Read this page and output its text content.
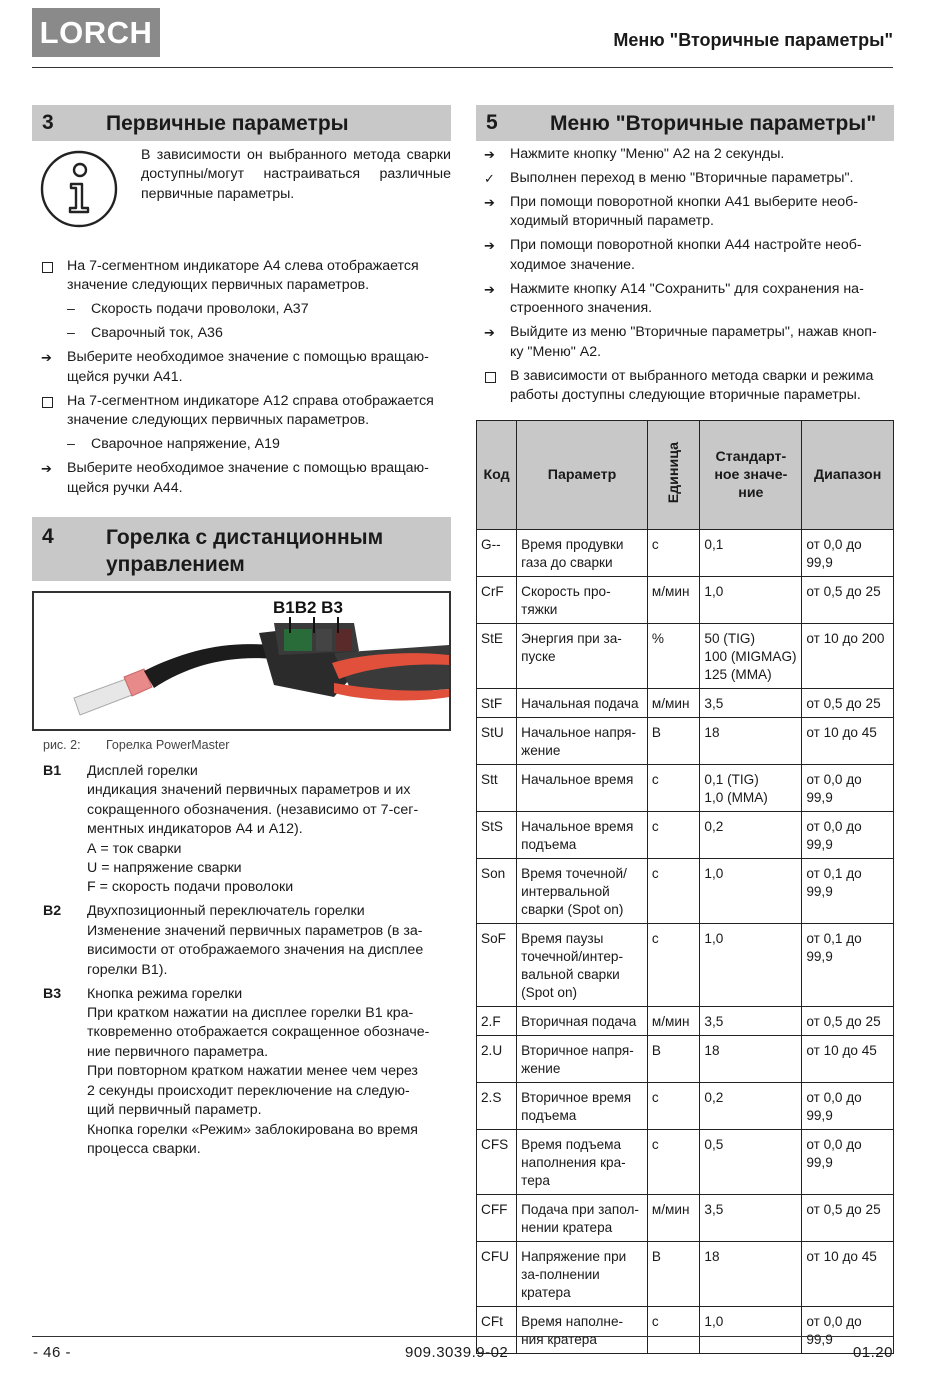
LORCH	Меню "Вторичные параметры"
3 Первичные параметры
В зависимости он выбранного метода сварки доступны/могут настраиваться различные первичные параметры.
На 7-сегментном индикаторе А4 слева отображается
значение следующих первичных параметров.
– Скорость подачи проволоки, А37
– Сварочный ток, А36
➔ Выберите необходимое значение с помощью вращаю-
щейся ручки А41.
На 7-сегментном индикаторе А12 справа отображается
значение следующих первичных параметров.
– Сварочное напряжение, А19
➔ Выберите необходимое значение с помощью вращаю-
щейся ручки А44.
4 Горелка с дистанционным
управлением
B1B2 B3
рис. 2: Горелка PowerMaster
B1 Дисплей горелки
индикация значений первичных параметров и их
сокращенного обозначения. (независимо от 7-сег-
ментных индикаторов А4 и А12).
А = ток сварки
U = напряжение сварки
F = скорость подачи проволоки
B2 Двухпозиционный переключатель горелки
Изменение значений первичных параметров (в за-
висимости от отображаемого значения на дисплее
горелки В1).
B3 Кнопка режима горелки
При кратком нажатии на дисплее горелки B1 кра-
тковременно отображается сокращенное обозначе-
ние первичного параметра.
При повторном кратком нажатии менее чем через
2 секунды происходит переключение на следую-
щий первичный параметр.
Кнопка горелки «Режим» заблокирована во время
процесса сварки.
5 Меню "Вторичные параметры"
➔ Нажмите кнопку "Меню" А2 на 2 секунды.
✓ Выполнен переход в меню "Вторичные параметры".
➔ При помощи поворотной кнопки А41 выберите необ-
ходимый вторичный параметр.
➔ При помощи поворотной кнопки А44 настройте необ-
ходимое значение.
➔ Нажмите кнопку А14 "Сохранить" для сохранения на-
строенного значения.
➔ Выйдите из меню "Вторичные параметры", нажав кноп-
ку "Меню" А2.
В зависимости от выбранного метода сварки и режима
работы доступны следующие вторичные параметры.
Код	Параметр	Единица	Стандарт-
ное значе-
ние	Диапазон

G--	Время продувки
газа до сварки	с	0,1	от 0,0 до 99,9

CrF	Скорость про-
тяжки	м/мин	1,0	от 0,5 до 25

StE	Энергия при за-
пуске	%	50 (TIG)
100 (MIGMAG)
125 (MMA)	от 10 до 200

StF	Начальная подача	м/мин	3,5	от 0,5 до 25

StU	Начальное напря-
жение	В	18	от 10 до 45

Stt	Начальное время	с	0,1 (TIG)
1,0 (MMA)	от 0,0 до 99,9

StS	Начальное время
подъема	с	0,2	от 0,0 до 99,9

Son	Время точечной/
интервальной
сварки (Spot on)	с	1,0	от 0,1 до 99,9

SoF	Время паузы
точечной/интер-
вальной сварки
(Spot on)	с	1,0	от 0,1 до 99,9

2.F	Вторичная подача	м/мин	3,5	от 0,5 до 25

2.U	Вторичное напря-
жение	В	18	от 10 до 45

2.S	Вторичное время
подъема	с	0,2	от 0,0 до 99,9

CFS	Время подъема
наполнения кра-
тера	с	0,5	от 0,0 до 99,9

CFF	Подача при запол-
нении кратера	м/мин	3,5	от 0,5 до 25

CFU	Напряжение при
за-полнении
кратера	В	18	от 10 до 45

CFt	Время наполне-
ния кратера	с	1,0	от 0,0 до 99,9
- 46 -	909.3039.9-02	01.20
